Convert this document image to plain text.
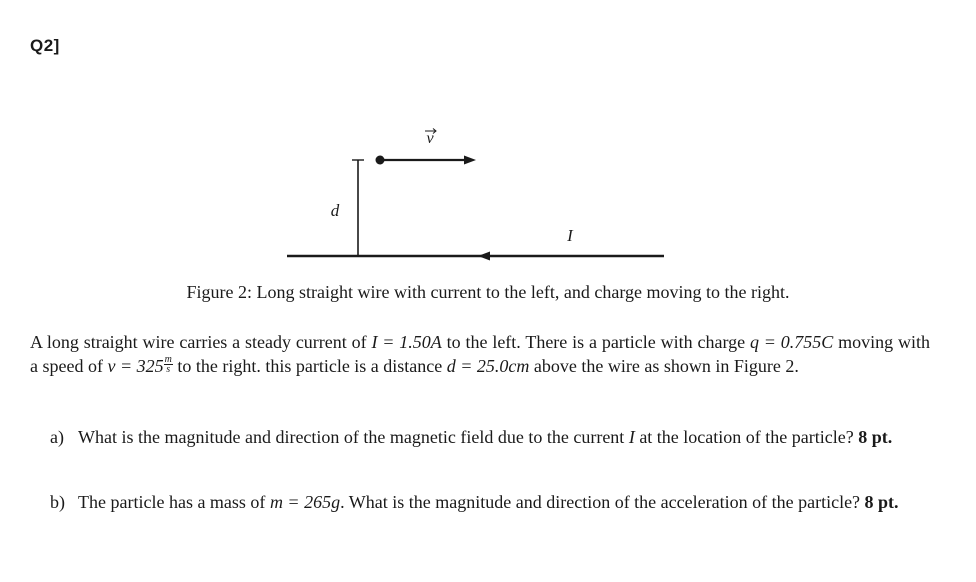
Q2]
v
d
I
Figure 2: Long straight wire with current to the left, and charge moving to the right.
A long straight wire carries a steady current of I = 1.50A to the left. There is a particle with charge q = 0.755C moving with a speed of $v = 325 \frac{m}{s}$ to the right. this particle is a distance d = 25.0cm above the wire as shown in Figure 2.
a) What is the magnitude and direction of the magnetic field due to the current I at the location of the particle? 8 pt.
b) The particle has a mass of m = 265g. What is the magnitude and direction of the acceleration of the particle? 8 pt.
